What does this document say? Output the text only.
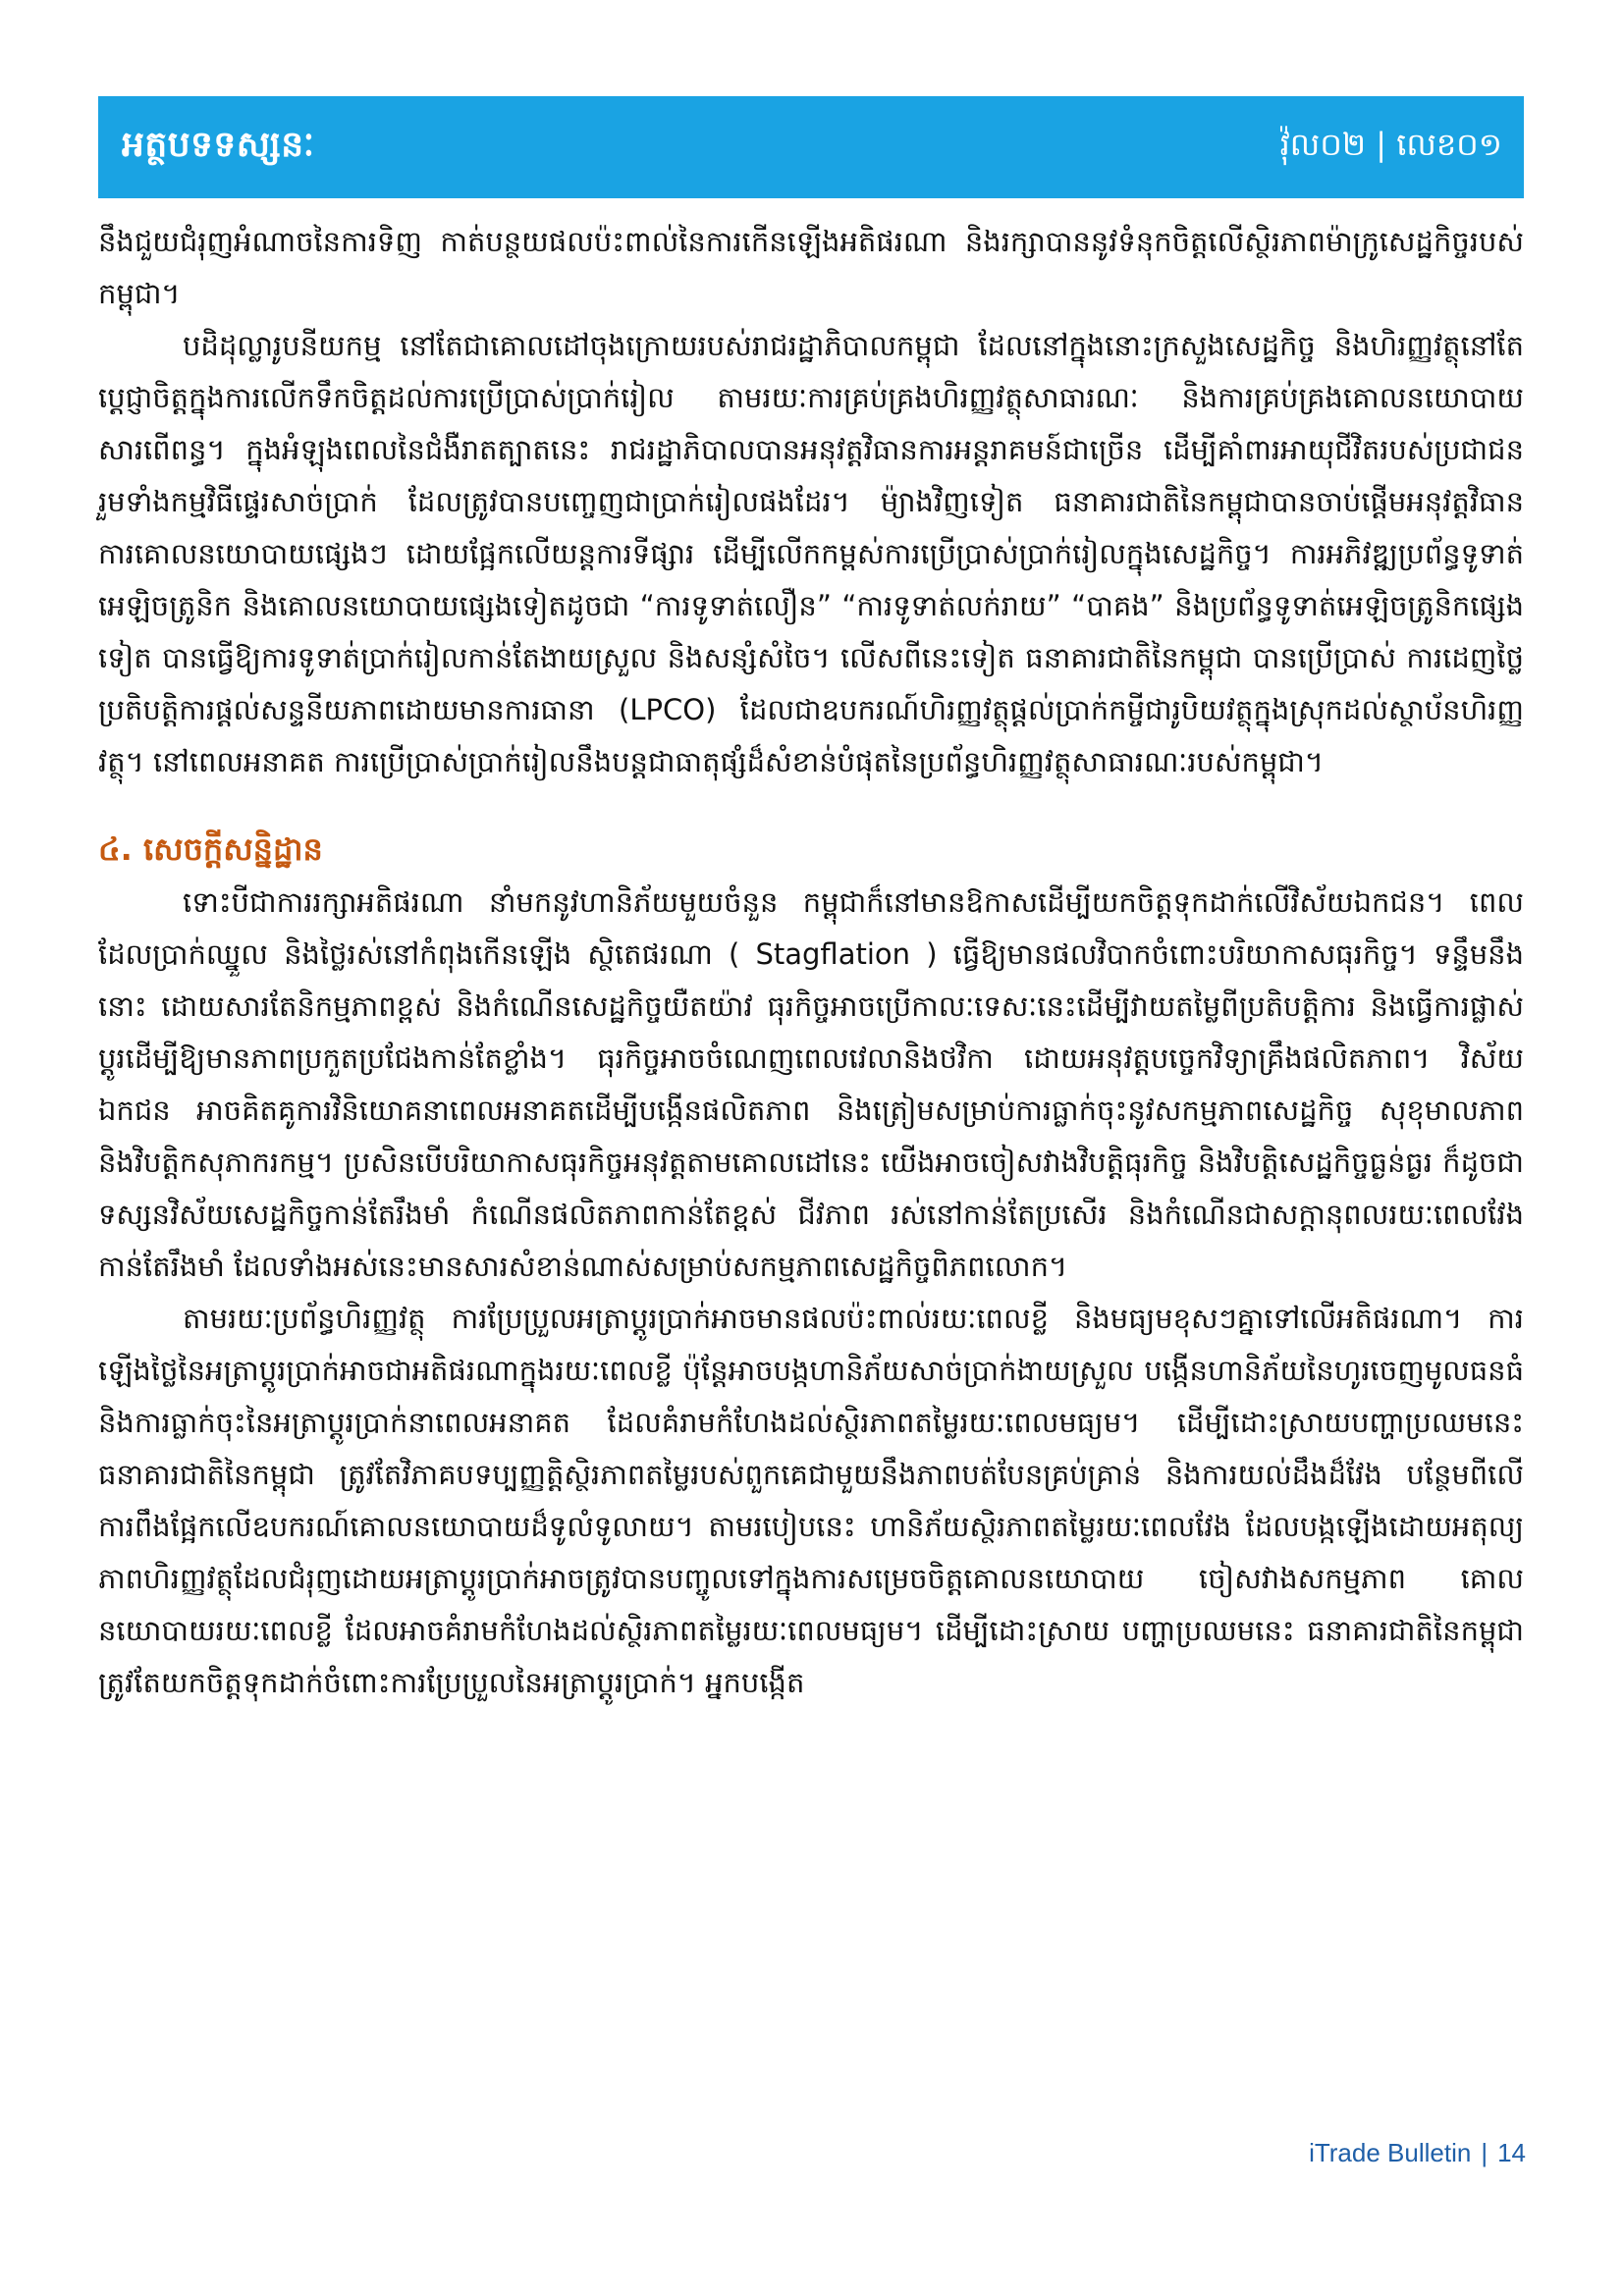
អត្ថបទទស្សនៈ	វ៉ុល០២ | លេខ០១

នឹងជួយជំរុញអំណាចនៃការទិញ កាត់បន្ថយផលប៉ះពាល់នៃការកើនឡើងអតិផរណា និងរក្សាបាននូវទំនុកចិត្តលើស្ថិរភាពម៉ាក្រូសេដ្ឋកិច្ចរបស់កម្ពុជា។

បដិដុល្លារូបនីយកម្ម នៅតែជាគោលដៅចុងក្រោយរបស់រាជរដ្ឋាភិបាលកម្ពុជា ដែលនៅក្នុងនោះក្រសួងសេដ្ឋកិច្ច និងហិរញ្ញវត្ថុនៅតែប្ដេជ្ញាចិត្តក្នុងការលើកទឹកចិត្តដល់ការប្រើប្រាស់ប្រាក់រៀល តាមរយៈការគ្រប់គ្រងហិរញ្ញវត្ថុសាធារណៈ និងការគ្រប់គ្រងគោលនយោបាយសារពើពន្ធ។ ក្នុងអំឡុងពេលនៃជំងឺរាតត្បាតនេះ រាជរដ្ឋាភិបាលបានអនុវត្តវិធានការអន្តរាគមន៍ជាច្រើន ដើម្បីគាំពារអាយុជីវិតរបស់ប្រជាជន រួមទាំងកម្មវិធីផ្ទេរសាច់ប្រាក់ ដែលត្រូវបានបញ្ចេញជាប្រាក់រៀលផងដែរ។ ម៉្យាងវិញទៀត ធនាគារជាតិនៃកម្ពុជាបានចាប់ផ្ដើមអនុវត្តវិធានការគោលនយោបាយផ្សេងៗ ដោយផ្អែកលើយន្តការទីផ្សារ ដើម្បីលើកកម្ពស់ការប្រើប្រាស់ប្រាក់រៀលក្នុងសេដ្ឋកិច្ច។ ការអភិវឌ្ឍប្រព័ន្ធទូទាត់អេឡិចត្រូនិក និងគោលនយោបាយផ្សេងទៀតដូចជា “ការទូទាត់លឿន” “ការទូទាត់លក់រាយ” “បាគង” និងប្រព័ន្ធទូទាត់អេឡិចត្រូនិកផ្សេងទៀត បានធ្វើឱ្យការទូទាត់ប្រាក់រៀលកាន់តែងាយស្រួល និងសន្សំសំចៃ។ លើសពីនេះទៀត ធនាគារជាតិនៃកម្ពុជា បានប្រើប្រាស់ ការដេញថ្លៃប្រតិបត្តិការផ្ដល់សន្ទនីយភាពដោយមានការធានា (LPCO) ដែលជាឧបករណ៍ហិរញ្ញវត្ថុផ្ដល់ប្រាក់កម្ចីជារូបិយវត្ថុក្នុងស្រុកដល់ស្ថាប័នហិរញ្ញវត្ថុ។ នៅពេលអនាគត ការប្រើប្រាស់ប្រាក់រៀលនឹងបន្តជាធាតុផ្សំដ៏សំខាន់បំផុតនៃប្រព័ន្ធហិរញ្ញវត្ថុសាធារណៈរបស់កម្ពុជា។

៤. សេចក្ដីសន្និដ្ឋាន

ទោះបីជាការរក្សាអតិផរណា នាំមកនូវហានិភ័យមួយចំនួន កម្ពុជាក៏នៅមានឱកាសដើម្បីយកចិត្តទុកដាក់លើវិស័យឯកជន។ ពេលដែលប្រាក់ឈ្នួល និងថ្លៃរស់នៅកំពុងកើនឡើង ស្ថិតេផរណា ( Stagflation ) ធ្វើឱ្យមានផលវិបាកចំពោះបរិយាកាសធុរកិច្ច។ ទន្ទឹមនឹងនោះ ដោយសារតែនិកម្មភាពខ្ពស់ និងកំណើនសេដ្ឋកិច្ចយឺតយ៉ាវ ធុរកិច្ចអាចប្រើកាលៈទេសៈនេះដើម្បីវាយតម្លៃពីប្រតិបត្តិការ និងធ្វើការផ្លាស់ប្ដូរដើម្បីឱ្យមានភាពប្រកួតប្រជែងកាន់តែខ្លាំង។ ធុរកិច្ចអាចចំណេញពេលវេលានិងថវិកា ដោយអនុវត្តបច្ចេកវិទ្យាគ្រឹងផលិតភាព។ វិស័យឯកជន អាចគិតគូការវិនិយោគនាពេលអនាគតដើម្បីបង្កើនផលិតភាព និងត្រៀមសម្រាប់ការធ្លាក់ចុះនូវសកម្មភាពសេដ្ឋកិច្ច សុខុមាលភាព និងវិបត្តិកសុភាករកម្ម។ ប្រសិនបើបរិយាកាសធុរកិច្ចអនុវត្តតាមគោលដៅនេះ យើងអាចចៀសវាងវិបត្តិធុរកិច្ច និងវិបត្តិសេដ្ឋកិច្ចធ្ងន់ធ្ងរ ក៏ដូចជាទស្សនវិស័យសេដ្ឋកិច្ចកាន់តែរឹងមាំ កំណើនផលិតភាពកាន់តែខ្ពស់ ជីវភាព រស់នៅកាន់តែប្រសើរ និងកំណើនជាសក្ដានុពលរយៈពេលវែងកាន់តែរឹងមាំ ដែលទាំងអស់នេះមានសារសំខាន់ណាស់សម្រាប់សកម្មភាពសេដ្ឋកិច្ចពិភពលោក។

តាមរយៈប្រព័ន្ធហិរញ្ញវត្ថុ ការប្រែប្រួលអត្រាប្ដូរប្រាក់អាចមានផលប៉ះពាល់រយៈពេលខ្លី និងមធ្យមខុសៗគ្នាទៅលើអតិផរណា។ ការឡើងថ្លៃនៃអត្រាប្ដូរប្រាក់អាចជាអតិផរណាក្នុងរយៈពេលខ្លី ប៉ុន្តែអាចបង្កហានិភ័យសាច់ប្រាក់ងាយស្រួល បង្កើនហានិភ័យនៃហូរចេញមូលធនធំ និងការធ្លាក់ចុះនៃអត្រាប្ដូរប្រាក់នាពេលអនាគត ដែលគំរាមកំហែងដល់ស្ថិរភាពតម្លៃរយៈពេលមធ្យម។ ដើម្បីដោះស្រាយបញ្ហាប្រឈមនេះ ធនាគារជាតិនៃកម្ពុជា ត្រូវតែវិភាគបទប្បញ្ញត្តិស្ថិរភាពតម្លៃរបស់ពួកគេជាមួយនឹងភាពបត់បែនគ្រប់គ្រាន់ និងការយល់ដឹងដ៏វែង បន្ថែមពីលើការពឹងផ្អែកលើឧបករណ៍គោលនយោបាយដ៏ទូលំទូលាយ។ តាមរបៀបនេះ ហានិភ័យស្ថិរភាពតម្លៃរយៈពេលវែង ដែលបង្កឡើងដោយអតុល្យភាពហិរញ្ញវត្ថុដែលជំរុញដោយអត្រាប្ដូរប្រាក់អាចត្រូវបានបញ្ចូលទៅក្នុងការសម្រេចចិត្តគោលនយោបាយ ចៀសវាងសកម្មភាព គោលនយោបាយរយៈពេលខ្លី ដែលអាចគំរាមកំហែងដល់ស្ថិរភាពតម្លៃរយៈពេលមធ្យម។ ដើម្បីដោះស្រាយ បញ្ហាប្រឈមនេះ ធនាគារជាតិនៃកម្ពុជា ត្រូវតែយកចិត្តទុកដាក់ចំពោះការប្រែប្រួលនៃអត្រាប្ដូរប្រាក់។ អ្នកបង្កើត

iTrade Bulletin | 14
